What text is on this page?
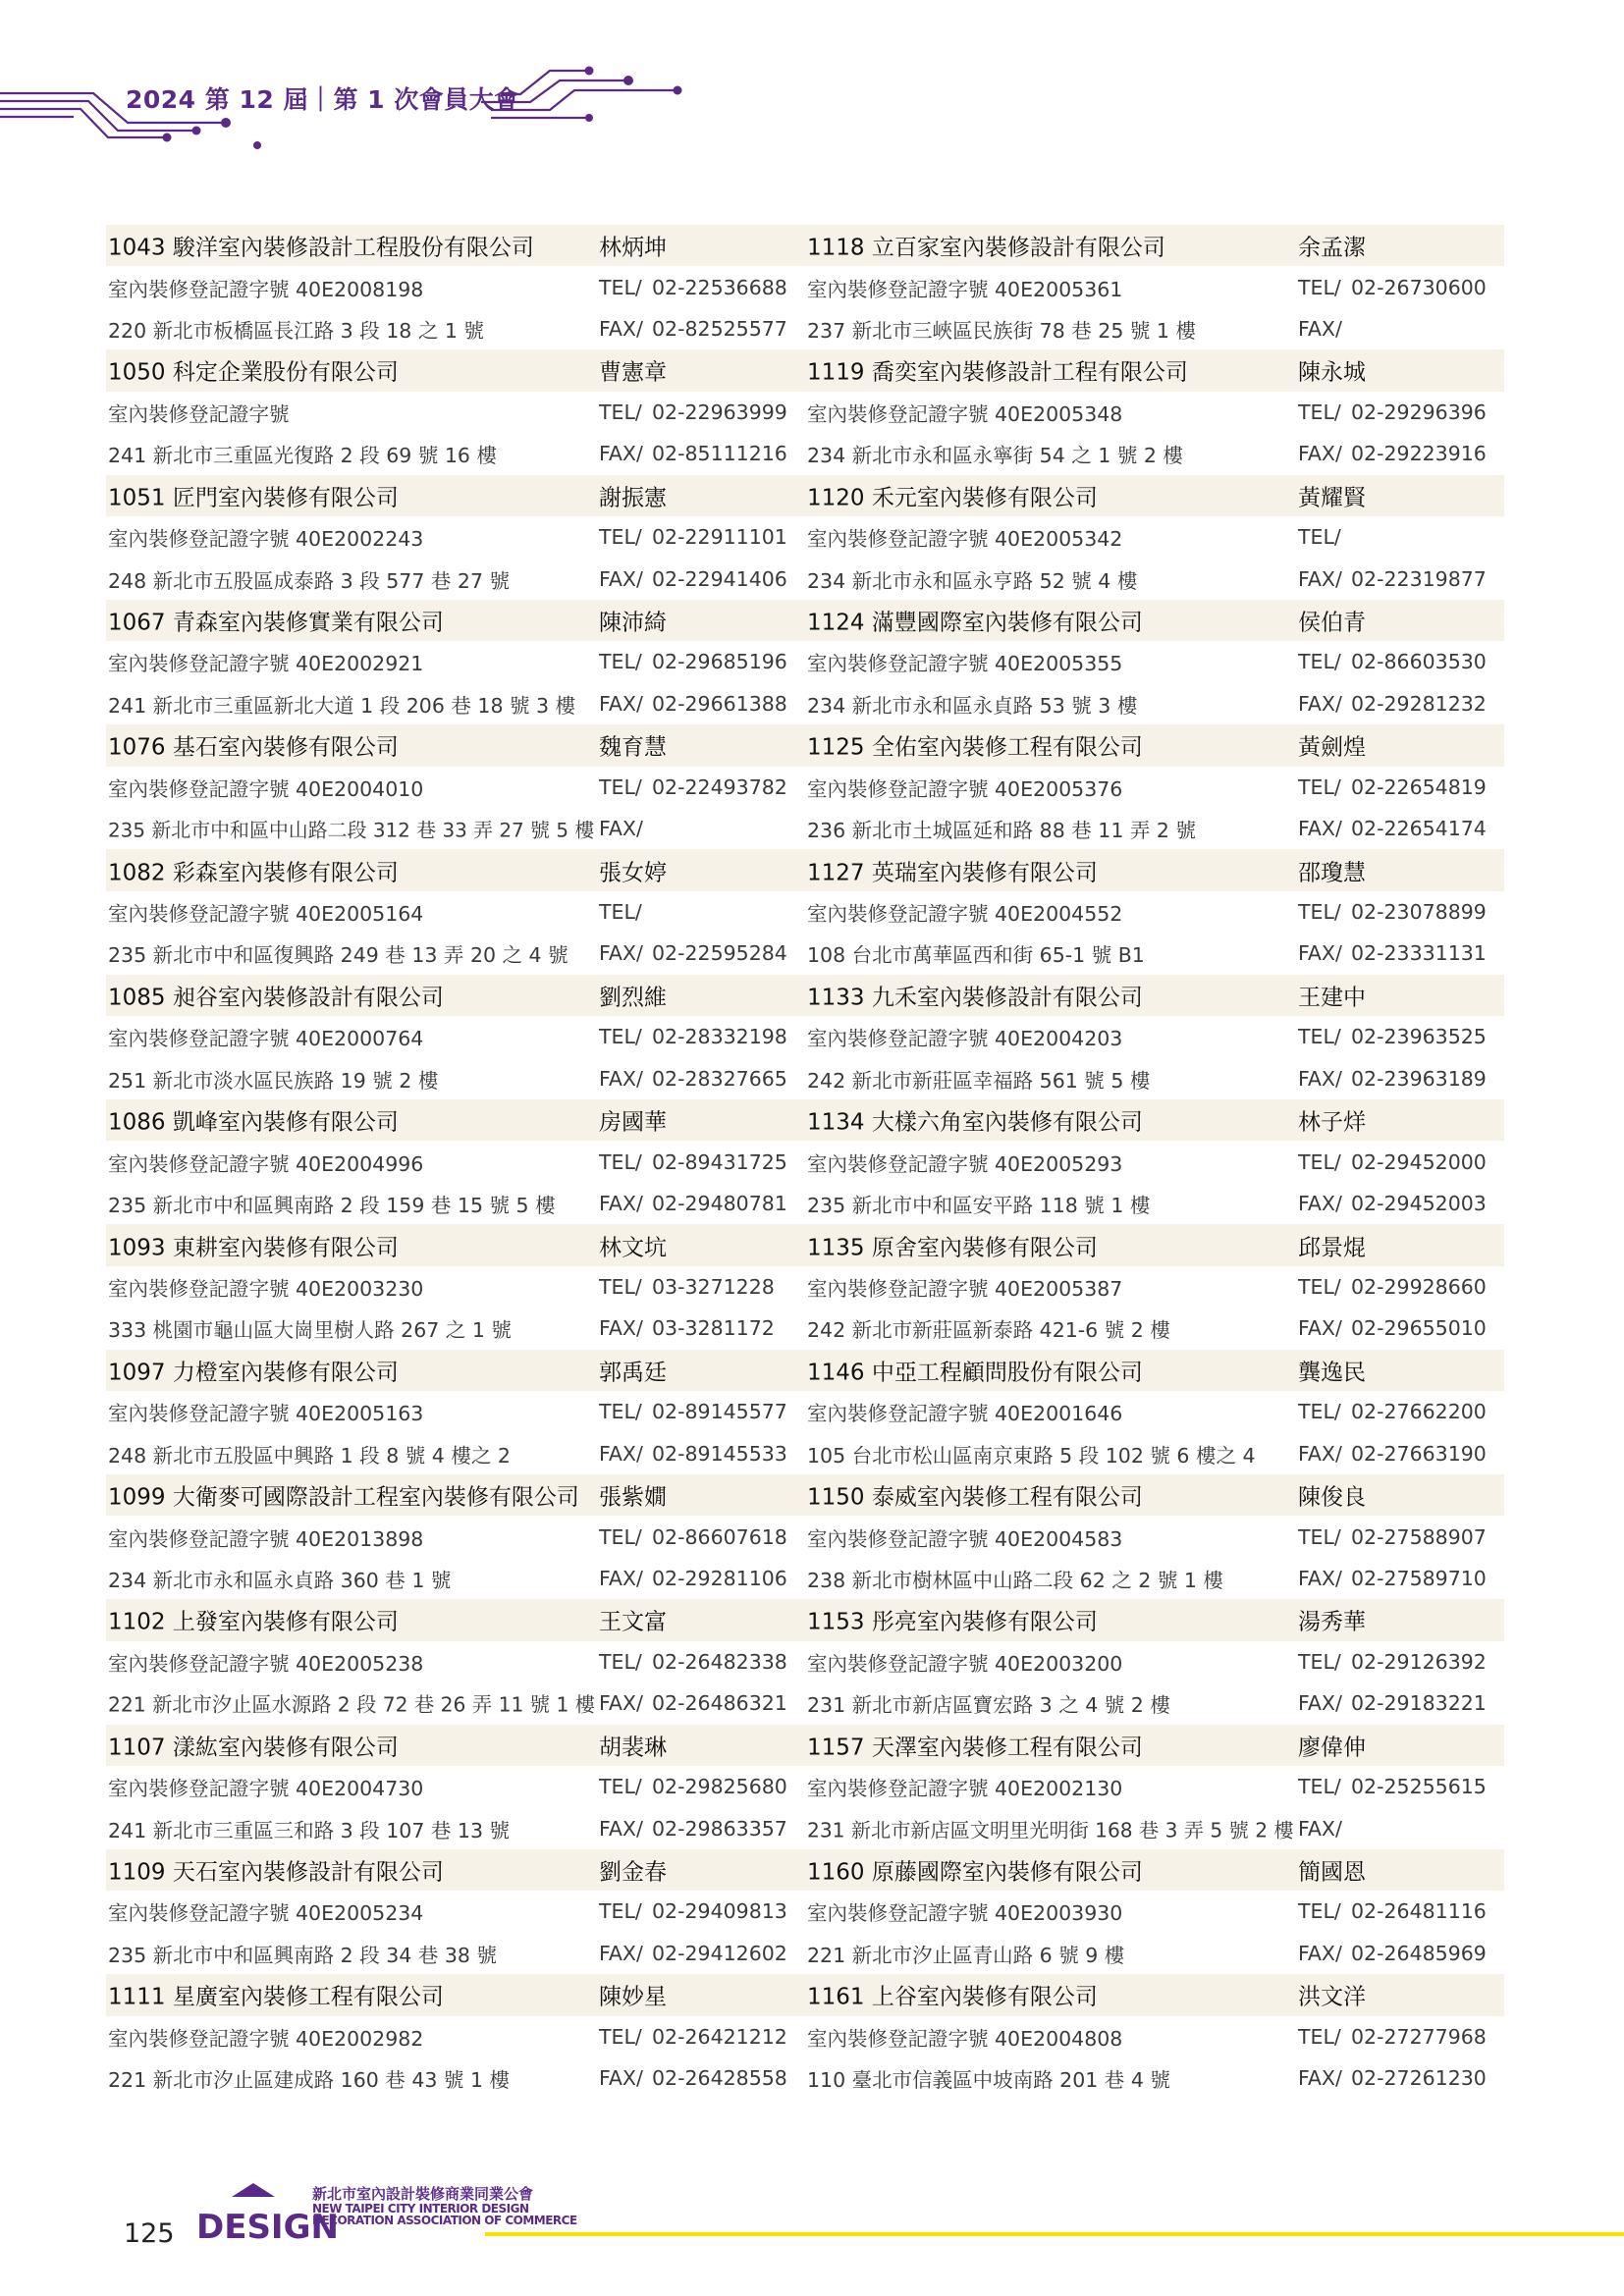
2024 第 12 屆｜第 1 次會員大會
1043 駿洋室內裝修設計工程股份有限公司	林炳坤
室內裝修登記證字號 40E2008198	TEL/ 02-22536688
220 新北市板橋區長江路 3 段 18 之 1 號	FAX/ 02-82525577
1050 科定企業股份有限公司	曹憲章
室內裝修登記證字號	TEL/ 02-22963999
241 新北市三重區光復路 2 段 69 號 16 樓	FAX/ 02-85111216
1051 匠門室內裝修有限公司	謝振憲
室內裝修登記證字號 40E2002243	TEL/ 02-22911101
248 新北市五股區成泰路 3 段 577 巷 27 號	FAX/ 02-22941406
1067 青森室內裝修實業有限公司	陳沛綺
室內裝修登記證字號 40E2002921	TEL/ 02-29685196
241 新北市三重區新北大道 1 段 206 巷 18 號 3 樓 FAX/ 02-29661388
1076 基石室內裝修有限公司	魏育慧
室內裝修登記證字號 40E2004010	TEL/ 02-22493782
235 新北市中和區中山路二段 312 巷 33 弄 27 號 5 樓 FAX/
1082 彩森室內裝修有限公司	張女婷
室內裝修登記證字號 40E2005164	TEL/
235 新北市中和區復興路 249 巷 13 弄 20 之 4 號 FAX/ 02-22595284
1085 昶谷室內裝修設計有限公司	劉烈維
室內裝修登記證字號 40E2000764	TEL/ 02-28332198
251 新北市淡水區民族路 19 號 2 樓	FAX/ 02-28327665
1086 凱峰室內裝修有限公司	房國華
室內裝修登記證字號 40E2004996	TEL/ 02-89431725
235 新北市中和區興南路 2 段 159 巷 15 號 5 樓 FAX/ 02-29480781
1093 東耕室內裝修有限公司	林文坑
室內裝修登記證字號 40E2003230	TEL/ 03-3271228
333 桃園市龜山區大崗里樹人路 267 之 1 號	FAX/ 03-3281172
1097 力橙室內裝修有限公司	郭禹廷
室內裝修登記證字號 40E2005163	TEL/ 02-89145577
248 新北市五股區中興路 1 段 8 號 4 樓之 2	FAX/ 02-89145533
1099 大衛麥可國際設計工程室內裝修有限公司 張紫嫺
室內裝修登記證字號 40E2013898	TEL/ 02-86607618
234 新北市永和區永貞路 360 巷 1 號	FAX/ 02-29281106
1102 上發室內裝修有限公司	王文富
室內裝修登記證字號 40E2005238	TEL/ 02-26482338
221 新北市汐止區水源路 2 段 72 巷 26 弄 11 號 1 樓 FAX/ 02-26486321
1107 漾紘室內裝修有限公司	胡裴琳
室內裝修登記證字號 40E2004730	TEL/ 02-29825680
241 新北市三重區三和路 3 段 107 巷 13 號	FAX/ 02-29863357
1109 天石室內裝修設計有限公司	劉金春
室內裝修登記證字號 40E2005234	TEL/ 02-29409813
235 新北市中和區興南路 2 段 34 巷 38 號	FAX/ 02-29412602
1111 星廣室內裝修工程有限公司	陳妙星
室內裝修登記證字號 40E2002982	TEL/ 02-26421212
221 新北市汐止區建成路 160 巷 43 號 1 樓	FAX/ 02-26428558
1118 立百家室內裝修設計有限公司	余孟潔
室內裝修登記證字號 40E2005361	TEL/ 02-26730600
237 新北市三峽區民族街 78 巷 25 號 1 樓	FAX/
1119 喬奕室內裝修設計工程有限公司	陳永城
室內裝修登記證字號 40E2005348	TEL/ 02-29296396
234 新北市永和區永寧街 54 之 1 號 2 樓	FAX/ 02-29223916
1120 禾元室內裝修有限公司	黃耀賢
室內裝修登記證字號 40E2005342	TEL/
234 新北市永和區永亨路 52 號 4 樓	FAX/ 02-22319877
1124 滿豐國際室內裝修有限公司	侯伯青
室內裝修登記證字號 40E2005355	TEL/ 02-86603530
234 新北市永和區永貞路 53 號 3 樓	FAX/ 02-29281232
1125 全佑室內裝修工程有限公司	黃劍煌
室內裝修登記證字號 40E2005376	TEL/ 02-22654819
236 新北市土城區延和路 88 巷 11 弄 2 號	FAX/ 02-22654174
1127 英瑞室內裝修有限公司	邵瓊慧
室內裝修登記證字號 40E2004552	TEL/ 02-23078899
108 台北市萬華區西和街 65-1 號 B1	FAX/ 02-23331131
1133 九禾室內裝修設計有限公司	王建中
室內裝修登記證字號 40E2004203	TEL/ 02-23963525
242 新北市新莊區幸福路 561 號 5 樓	FAX/ 02-23963189
1134 大樣六角室內裝修有限公司	林子烊
室內裝修登記證字號 40E2005293	TEL/ 02-29452000
235 新北市中和區安平路 118 號 1 樓	FAX/ 02-29452003
1135 原舍室內裝修有限公司	邱景焜
室內裝修登記證字號 40E2005387	TEL/ 02-29928660
242 新北市新莊區新泰路 421-6 號 2 樓	FAX/ 02-29655010
1146 中亞工程顧問股份有限公司	龔逸民
室內裝修登記證字號 40E2001646	TEL/ 02-27662200
105 台北市松山區南京東路 5 段 102 號 6 樓之 4 FAX/ 02-27663190
1150 泰威室內裝修工程有限公司	陳俊良
室內裝修登記證字號 40E2004583	TEL/ 02-27588907
238 新北市樹林區中山路二段 62 之 2 號 1 樓	FAX/ 02-27589710
1153 彤亮室內裝修有限公司	湯秀華
室內裝修登記證字號 40E2003200	TEL/ 02-29126392
231 新北市新店區寶宏路 3 之 4 號 2 樓	FAX/ 02-29183221
1157 天澤室內裝修工程有限公司	廖偉伸
室內裝修登記證字號 40E2002130	TEL/ 02-25255615
231 新北市新店區文明里光明街 168 巷 3 弄 5 號 2 樓 FAX/
1160 原藤國際室內裝修有限公司	簡國恩
室內裝修登記證字號 40E2003930	TEL/ 02-26481116
221 新北市汐止區青山路 6 號 9 樓	FAX/ 02-26485969
1161 上谷室內裝修有限公司	洪文洋
室內裝修登記證字號 40E2004808	TEL/ 02-27277968
110 臺北市信義區中坡南路 201 巷 4 號	FAX/ 02-27261230
125 DESIGN
新北市室內設計裝修商業同業公會
NEW TAIPEI CITY INTERIOR DESIGN
DECORATION ASSOCIATION OF COMMERCE
